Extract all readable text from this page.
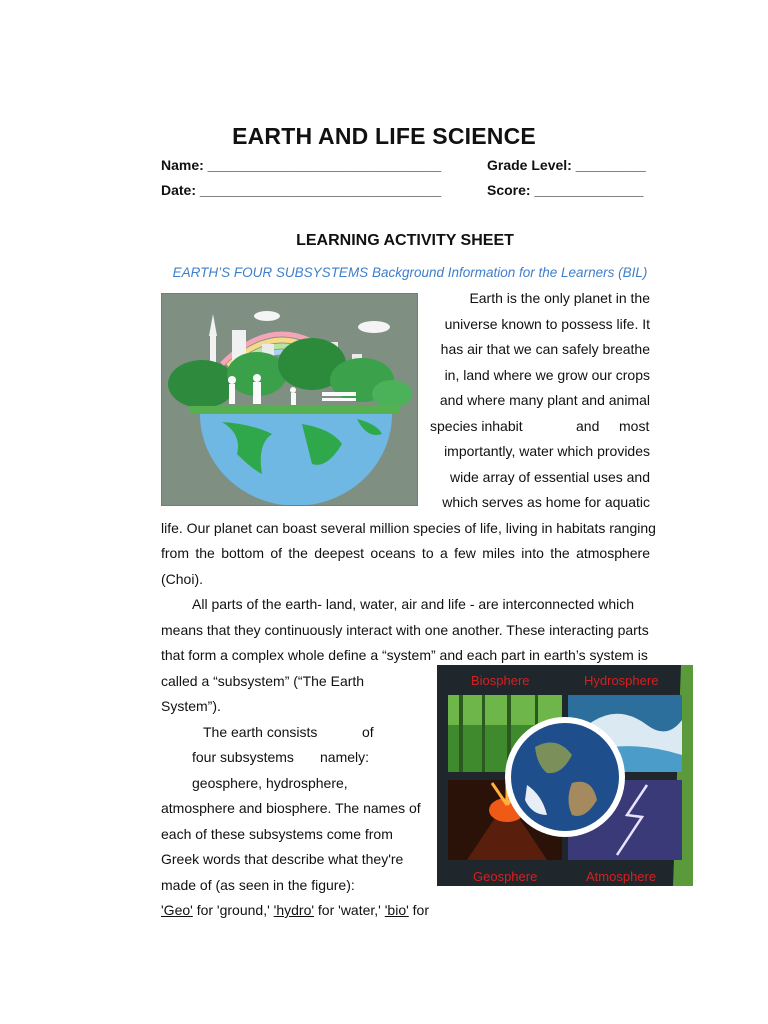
EARTH AND LIFE SCIENCE
Name: ______________________________	Grade Level: _________
Date: _______________________________	Score: ______________
LEARNING ACTIVITY SHEET
EARTH’S FOUR SUBSYSTEMS Background Information for the Learners (BIL)
Earth is the only planet in the
universe known to possess life. It
has air that we can safely breathe
in, land where we grow our crops
and where many plant and animal
species inhabit	and most
importantly, water which provides
wide array of essential uses and
which serves as home for aquatic
life. Our planet can boast several million species of life, living in habitats ranging
from the bottom of the deepest oceans to a few miles into the atmosphere
(Choi).
All parts of the earth- land, water, air and life - are interconnected which
means that they continuously interact with one another. These interacting parts
that form a complex whole define a “system” and each part in earth’s system is
called a “subsystem” (“The Earth
System”).
The earth consists	of
four subsystems namely:
geosphere, hydrosphere,
atmosphere and biosphere. The names of
each of these subsystems come from
Greek words that describe what they're
made of (as seen in the figure):
'Geo' for 'ground,' 'hydro' for 'water,' 'bio' for
Biosphere	Hydrosphere
Geosphere	Atmosphere
